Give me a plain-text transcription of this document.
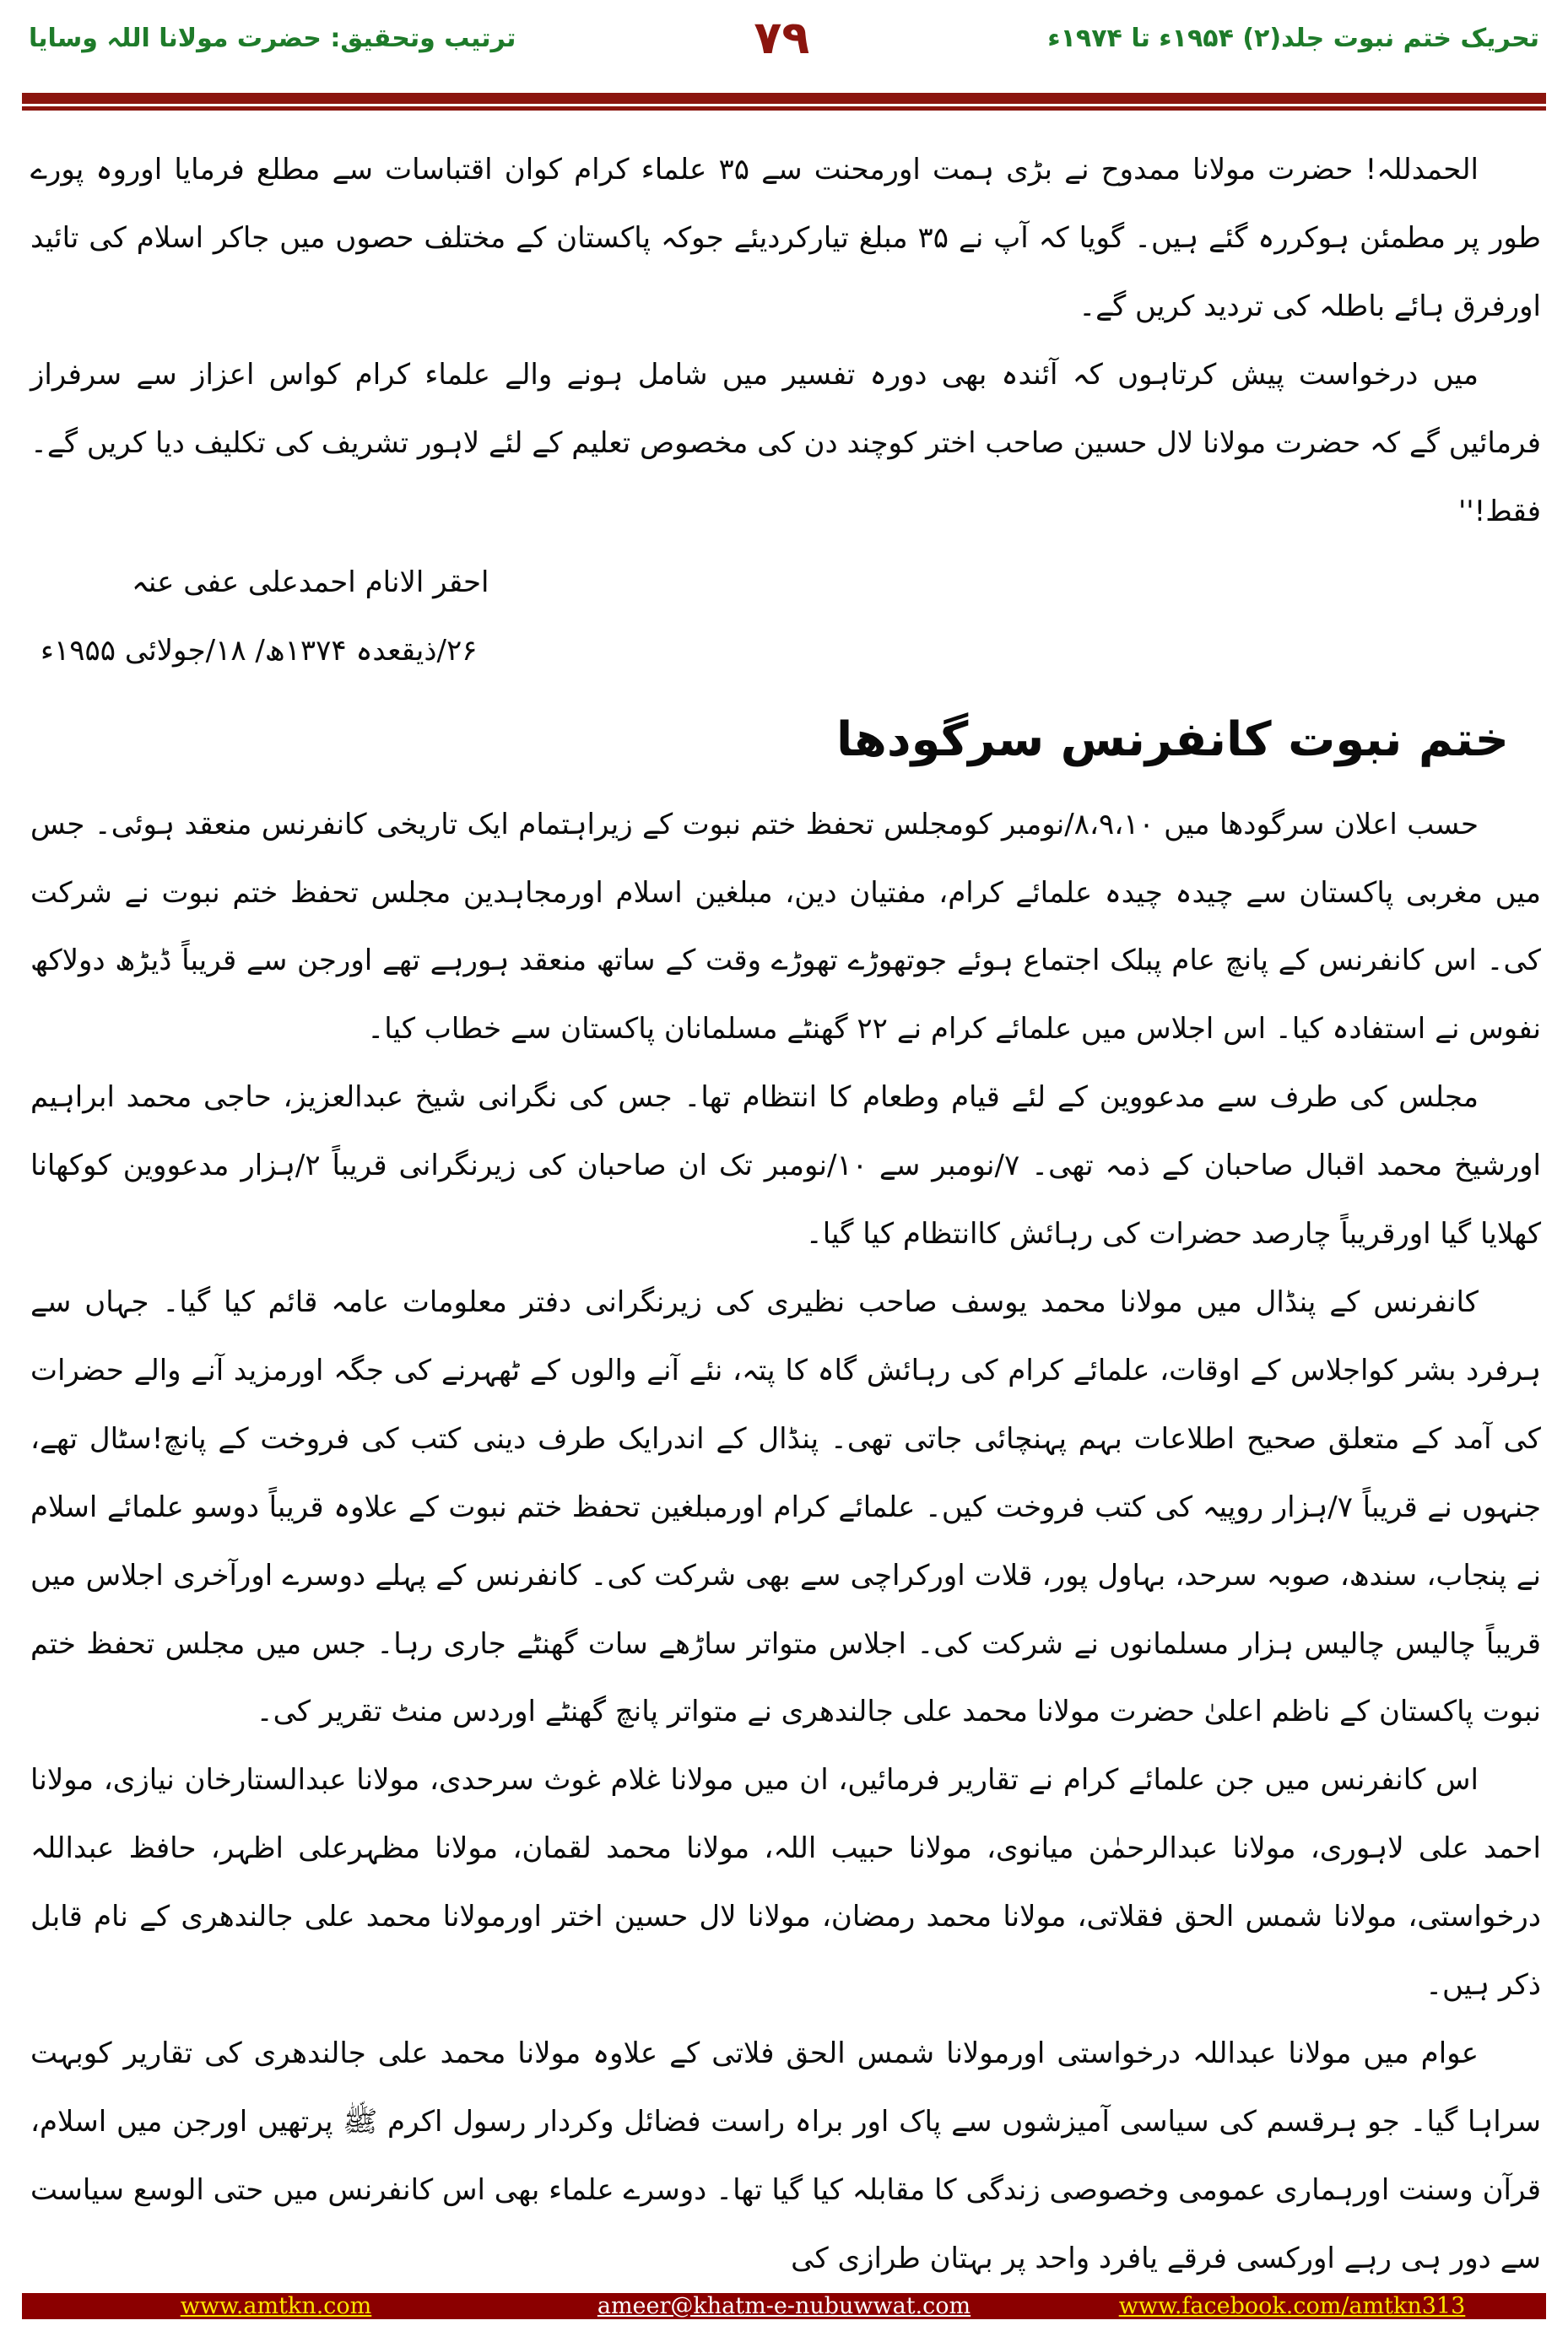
ترتیب وتحقیق: حضرت مولانا اللہ وسایا	۷۹	تحریک ختم نبوت جلد(۲) ۱۹۵۴ء تا ۱۹۷۴ء

الحمدللہ! حضرت مولانا ممدوح نے بڑی ہمت اورمحنت سے ۳۵ علماء کرام کوان اقتباسات سے مطلع فرمایا اوروہ پورے طور پر مطمئن ہوکررہ گئے ہیں۔ گویا کہ آپ نے ۳۵ مبلغ تیارکردیئے جوکہ پاکستان کے مختلف حصوں میں جاکر اسلام کی تائید اورفرق ہائے باطلہ کی تردید کریں گے۔

میں درخواست پیش کرتاہوں کہ آئندہ بھی دورہ تفسیر میں شامل ہونے والے علماء کرام کواس اعزاز سے سرفراز فرمائیں گے کہ حضرت مولانا لال حسین صاحب اختر کوچند دن کی مخصوص تعلیم کے لئے لاہور تشریف کی تکلیف دیا کریں گے۔ فقط!''

احقر الانام احمدعلی عفی عنہ

۲۶/ذیقعدہ ۱۳۷۴ھ/ ۱۸/جولائی ۱۹۵۵ء

ختم نبوت کانفرنس سرگودھا

حسب اعلان سرگودھا میں ۸،۹،۱۰/نومبر کومجلس تحفظ ختم نبوت کے زیراہتمام ایک تاریخی کانفرنس منعقد ہوئی۔ جس میں مغربی پاکستان سے چیدہ چیدہ علمائے کرام، مفتیان دین، مبلغین اسلام اورمجاہدین مجلس تحفظ ختم نبوت نے شرکت کی۔ اس کانفرنس کے پانچ عام پبلک اجتماع ہوئے جوتھوڑے تھوڑے وقت کے ساتھ منعقد ہورہے تھے اورجن سے قریباً ڈیڑھ دولاکھ نفوس نے استفادہ کیا۔ اس اجلاس میں علمائے کرام نے ۲۲ گھنٹے مسلمانان پاکستان سے خطاب کیا۔

مجلس کی طرف سے مدعووین کے لئے قیام وطعام کا انتظام تھا۔ جس کی نگرانی شیخ عبدالعزیز، حاجی محمد ابراہیم اورشیخ محمد اقبال صاحبان کے ذمہ تھی۔ ۷/نومبر سے ۱۰/نومبر تک ان صاحبان کی زیرنگرانی قریباً ۲/ہزار مدعووین کوکھانا کھلایا گیا اورقریباً چارصد حضرات کی رہائش کاانتظام کیا گیا۔

کانفرنس کے پنڈال میں مولانا محمد یوسف صاحب نظیری کی زیرنگرانی دفتر معلومات عامہ قائم کیا گیا۔ جہاں سے ہرفرد بشر کواجلاس کے اوقات، علمائے کرام کی رہائش گاہ کا پتہ، نئے آنے والوں کے ٹھہرنے کی جگہ اورمزید آنے والے حضرات کی آمد کے متعلق صحیح اطلاعات بہم پہنچائی جاتی تھی۔ پنڈال کے اندرایک طرف دینی کتب کی فروخت کے پانچ!سٹال تھے، جنہوں نے قریباً ۷/ہزار روپیہ کی کتب فروخت کیں۔ علمائے کرام اورمبلغین تحفظ ختم نبوت کے علاوہ قریباً دوسو علمائے اسلام نے پنجاب، سندھ، صوبہ سرحد، بہاول پور، قلات اورکراچی سے بھی شرکت کی۔ کانفرنس کے پہلے دوسرے اورآخری اجلاس میں قریباً چالیس چالیس ہزار مسلمانوں نے شرکت کی۔ اجلاس متواتر ساڑھے سات گھنٹے جاری رہا۔ جس میں مجلس تحفظ ختم نبوت پاکستان کے ناظم اعلیٰ حضرت مولانا محمد علی جالندھری نے متواتر پانچ گھنٹے اوردس منٹ تقریر کی۔

اس کانفرنس میں جن علمائے کرام نے تقاریر فرمائیں، ان میں مولانا غلام غوث سرحدی، مولانا عبدالستارخان نیازی، مولانا احمد علی لاہوری، مولانا عبدالرحمٰن میانوی، مولانا حبیب اللہ، مولانا محمد لقمان، مولانا مظہرعلی اظہر، حافظ عبداللہ درخواستی، مولانا شمس الحق فقلاتی، مولانا محمد رمضان، مولانا لال حسین اختر اورمولانا محمد علی جالندھری کے نام قابل ذکر ہیں۔

عوام میں مولانا عبداللہ درخواستی اورمولانا شمس الحق فلاتی کے علاوہ مولانا محمد علی جالندھری کی تقاریر کوبہت سراہا گیا۔ جو ہرقسم کی سیاسی آمیزشوں سے پاک اور براہ راست فضائل وکردار رسول اکرم ﷺ پرتھیں اورجن میں اسلام، قرآن وسنت اورہماری عمومی وخصوصی زندگی کا مقابلہ کیا گیا تھا۔ دوسرے علماء بھی اس کانفرنس میں حتی الوسع سیاست سے دور ہی رہے اورکسی فرقے یافرد واحد پر بہتان طرازی کی

www.amtkn.com	ameer@khatm-e-nubuwwat.com	www.facebook.com/amtkn313
